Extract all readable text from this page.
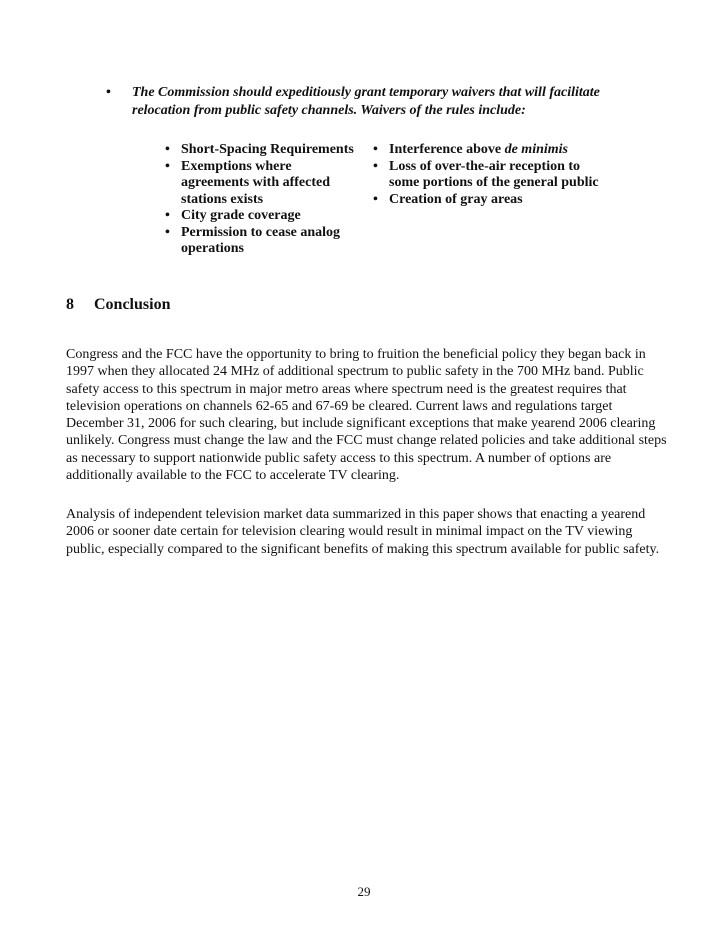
• The Commission should expeditiously grant temporary waivers that will facilitate relocation from public safety channels. Waivers of the rules include:
• Short-Spacing Requirements
• Exemptions where agreements with affected stations exists
• City grade coverage
• Permission to cease analog operations
• Interference above de minimis
• Loss of over-the-air reception to some portions of the general public
• Creation of gray areas
8 Conclusion

Congress and the FCC have the opportunity to bring to fruition the beneficial policy they began back in 1997 when they allocated 24 MHz of additional spectrum to public safety in the 700 MHz band. Public safety access to this spectrum in major metro areas where spectrum need is the greatest requires that television operations on channels 62-65 and 67-69 be cleared. Current laws and regulations target December 31, 2006 for such clearing, but include significant exceptions that make yearend 2006 clearing unlikely. Congress must change the law and the FCC must change related policies and take additional steps as necessary to support nationwide public safety access to this spectrum. A number of options are additionally available to the FCC to accelerate TV clearing.

Analysis of independent television market data summarized in this paper shows that enacting a yearend 2006 or sooner date certain for television clearing would result in minimal impact on the TV viewing public, especially compared to the significant benefits of making this spectrum available for public safety.

29
